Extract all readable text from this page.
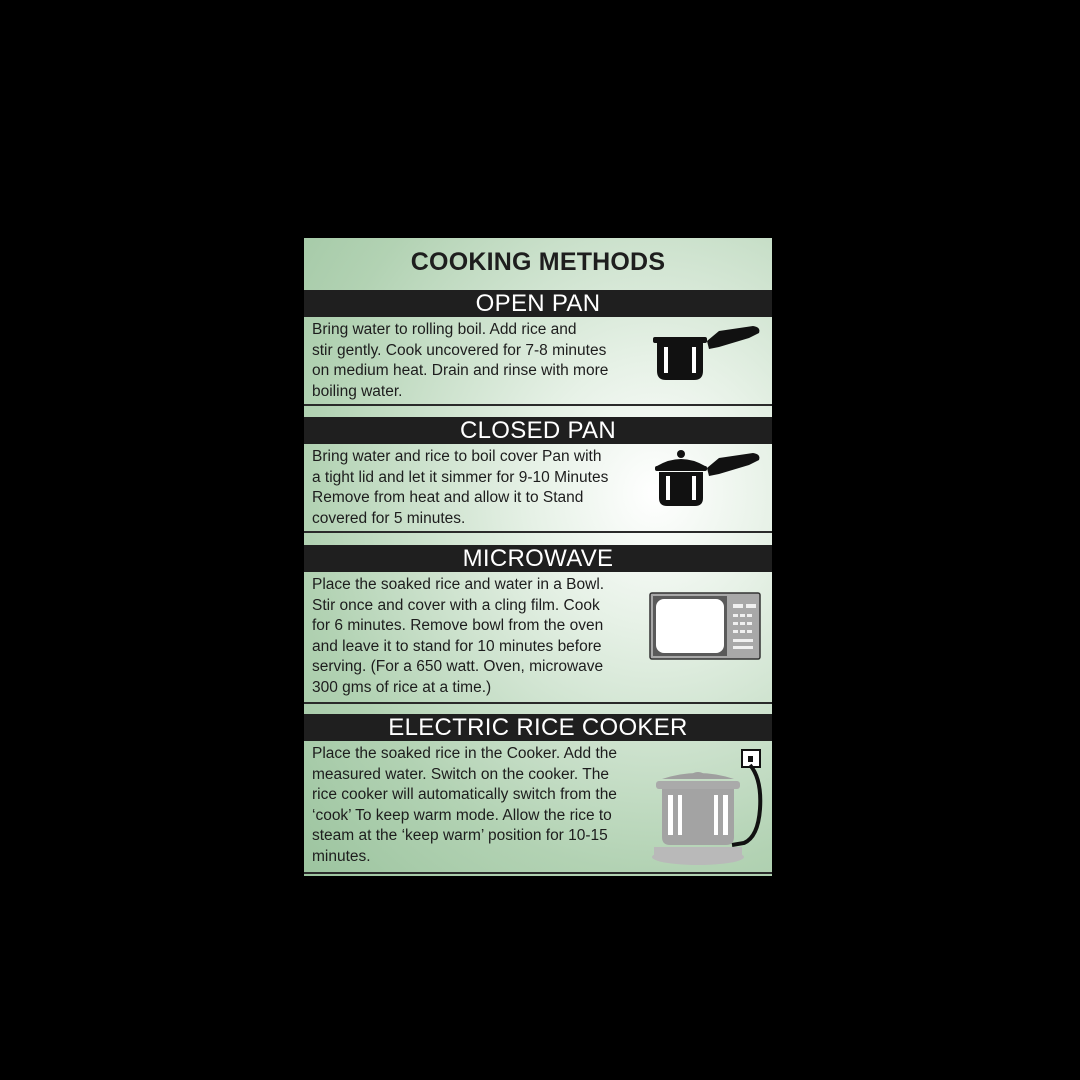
COOKING METHODS
OPEN PAN
Bring water to rolling boil. Add rice and
stir gently. Cook uncovered for 7-8 minutes
on medium heat. Drain and rinse with more
boiling water.
CLOSED PAN
Bring water and rice to boil cover Pan with
a tight lid and let it simmer for 9-10 Minutes
Remove from heat and allow it to Stand
covered for 5 minutes.
MICROWAVE
Place the soaked rice and water in a Bowl.
Stir once and cover with a cling film. Cook
for 6 minutes. Remove bowl from the oven
and leave it to stand for 10 minutes before
serving. (For a 650 watt. Oven, microwave
300 gms of rice at a time.)
ELECTRIC RICE COOKER
Place the soaked rice in the Cooker. Add the
measured water. Switch on the cooker. The
rice cooker will automatically switch from the
‘cook’ To keep warm mode. Allow the rice to
steam at the ‘keep warm’ position for 10-15
minutes.
